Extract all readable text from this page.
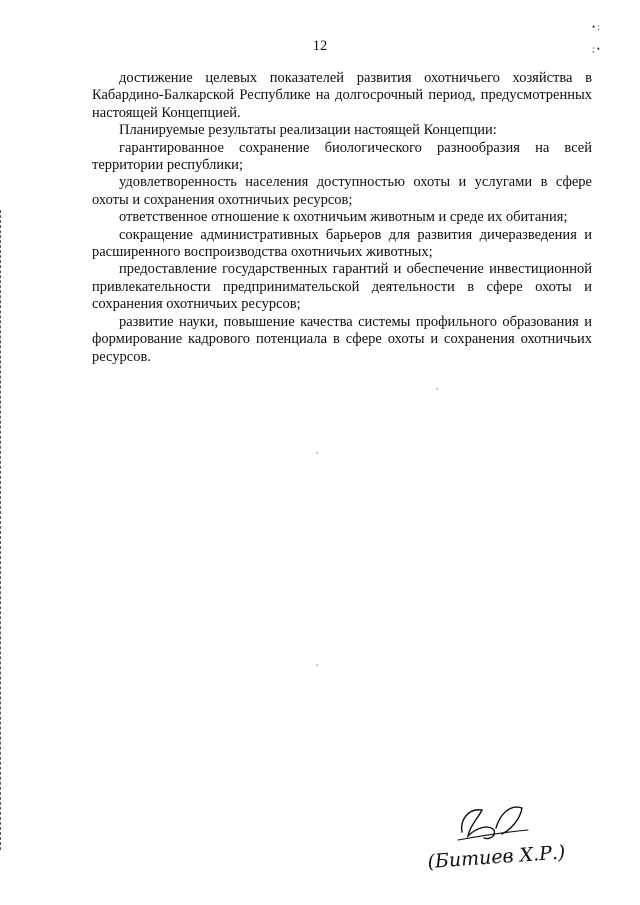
12
• :
; •

достижение целевых показателей развития охотничьего хозяйства в Кабардино-Балкарской Республике на долгосрочный период, предусмотренных настоящей Концепцией.

Планируемые результаты реализации настоящей Концепции:

гарантированное сохранение биологического разнообразия на всей территории республики;

удовлетворенность населения доступностью охоты и услугами в сфере охоты и сохранения охотничьих ресурсов;

ответственное отношение к охотничьим животным и среде их обитания;

сокращение административных барьеров для развития дичеразведения и расширенного воспроизводства охотничьих животных;

предоставление государственных гарантий и обеспечение инвестиционной привлекательности предпринимательской деятельности в сфере охоты и сохранения охотничьих ресурсов;

развитие науки, повышение качества системы профильного образования и формирование кадрового потенциала в сфере охоты и сохранения охотничьих ресурсов.

(Битиев Х.Р.)
